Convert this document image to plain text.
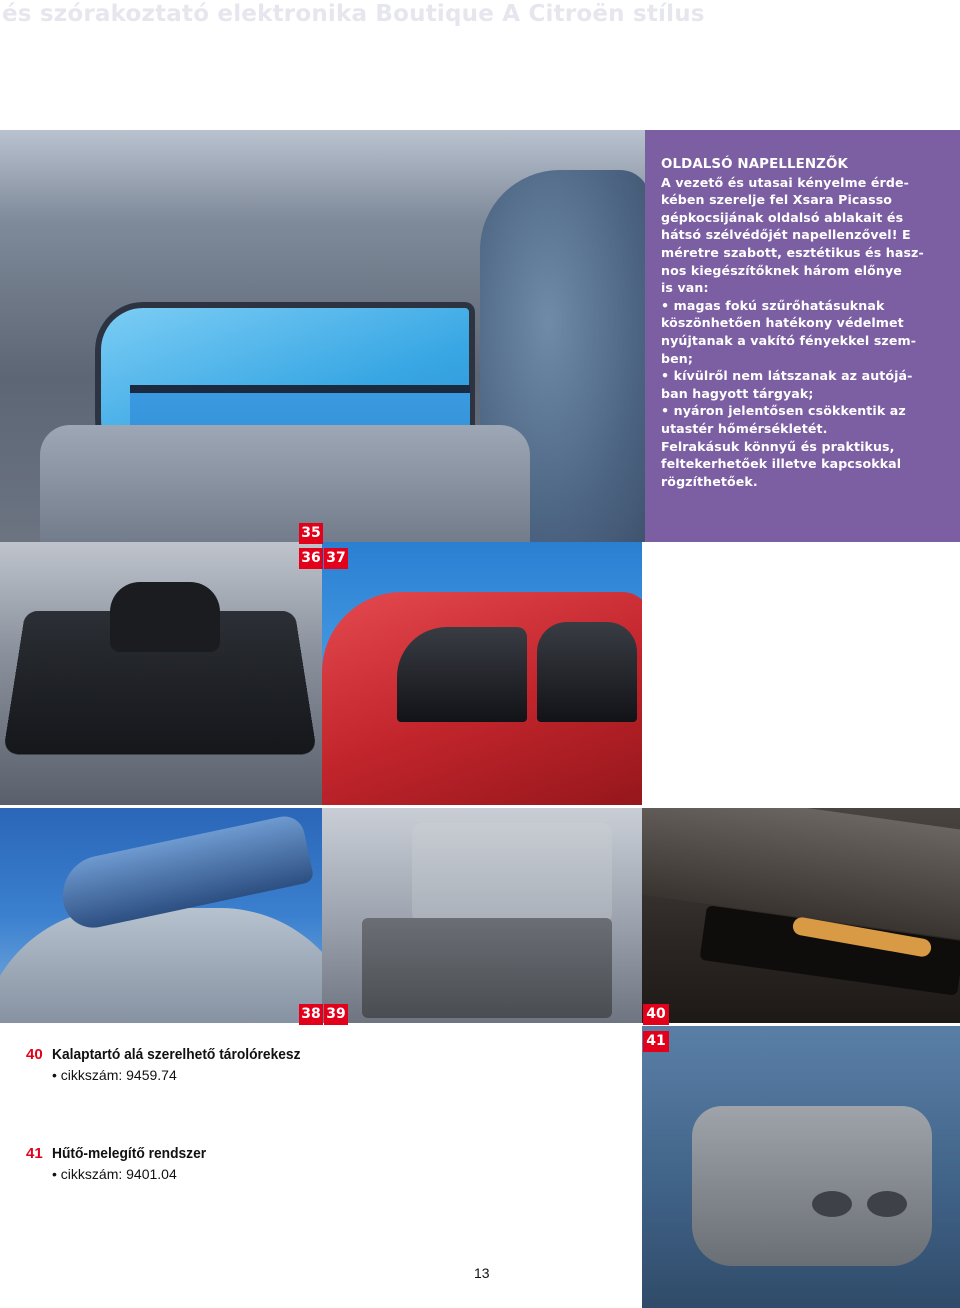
és szórakoztató elektronika Boutique A Citroën stílus

OLDALSÓ NAPELLENZŐK

A vezető és utasai kényelme érde-
kében szerelje fel Xsara Picasso
gépkocsijának oldalsó ablakait és
hátsó szélvédőjét napellenzővel! E
méretre szabott, esztétikus és hasz-
nos kiegészítőknek három előnye
is van:

• magas fokú szűrőhatásuknak
köszönhetően hatékony védelmet
nyújtanak a vakító fényekkel szem-
ben;

• kívülről nem látszanak az autójá-
ban hagyott tárgyak;

• nyáron jelentősen csökkentik az
utastér hőmérsékletét.

Felrakásuk könnyű és praktikus,
feltekerhetőek illetve kapcsokkal
rögzíthetőek.

35
36 37
38 39	40
41
40 Kalaptartó alá szerelhető tárolórekesz
• cikkszám: 9459.74
41 Hűtő-melegítő rendszer
• cikkszám: 9401.04
13
